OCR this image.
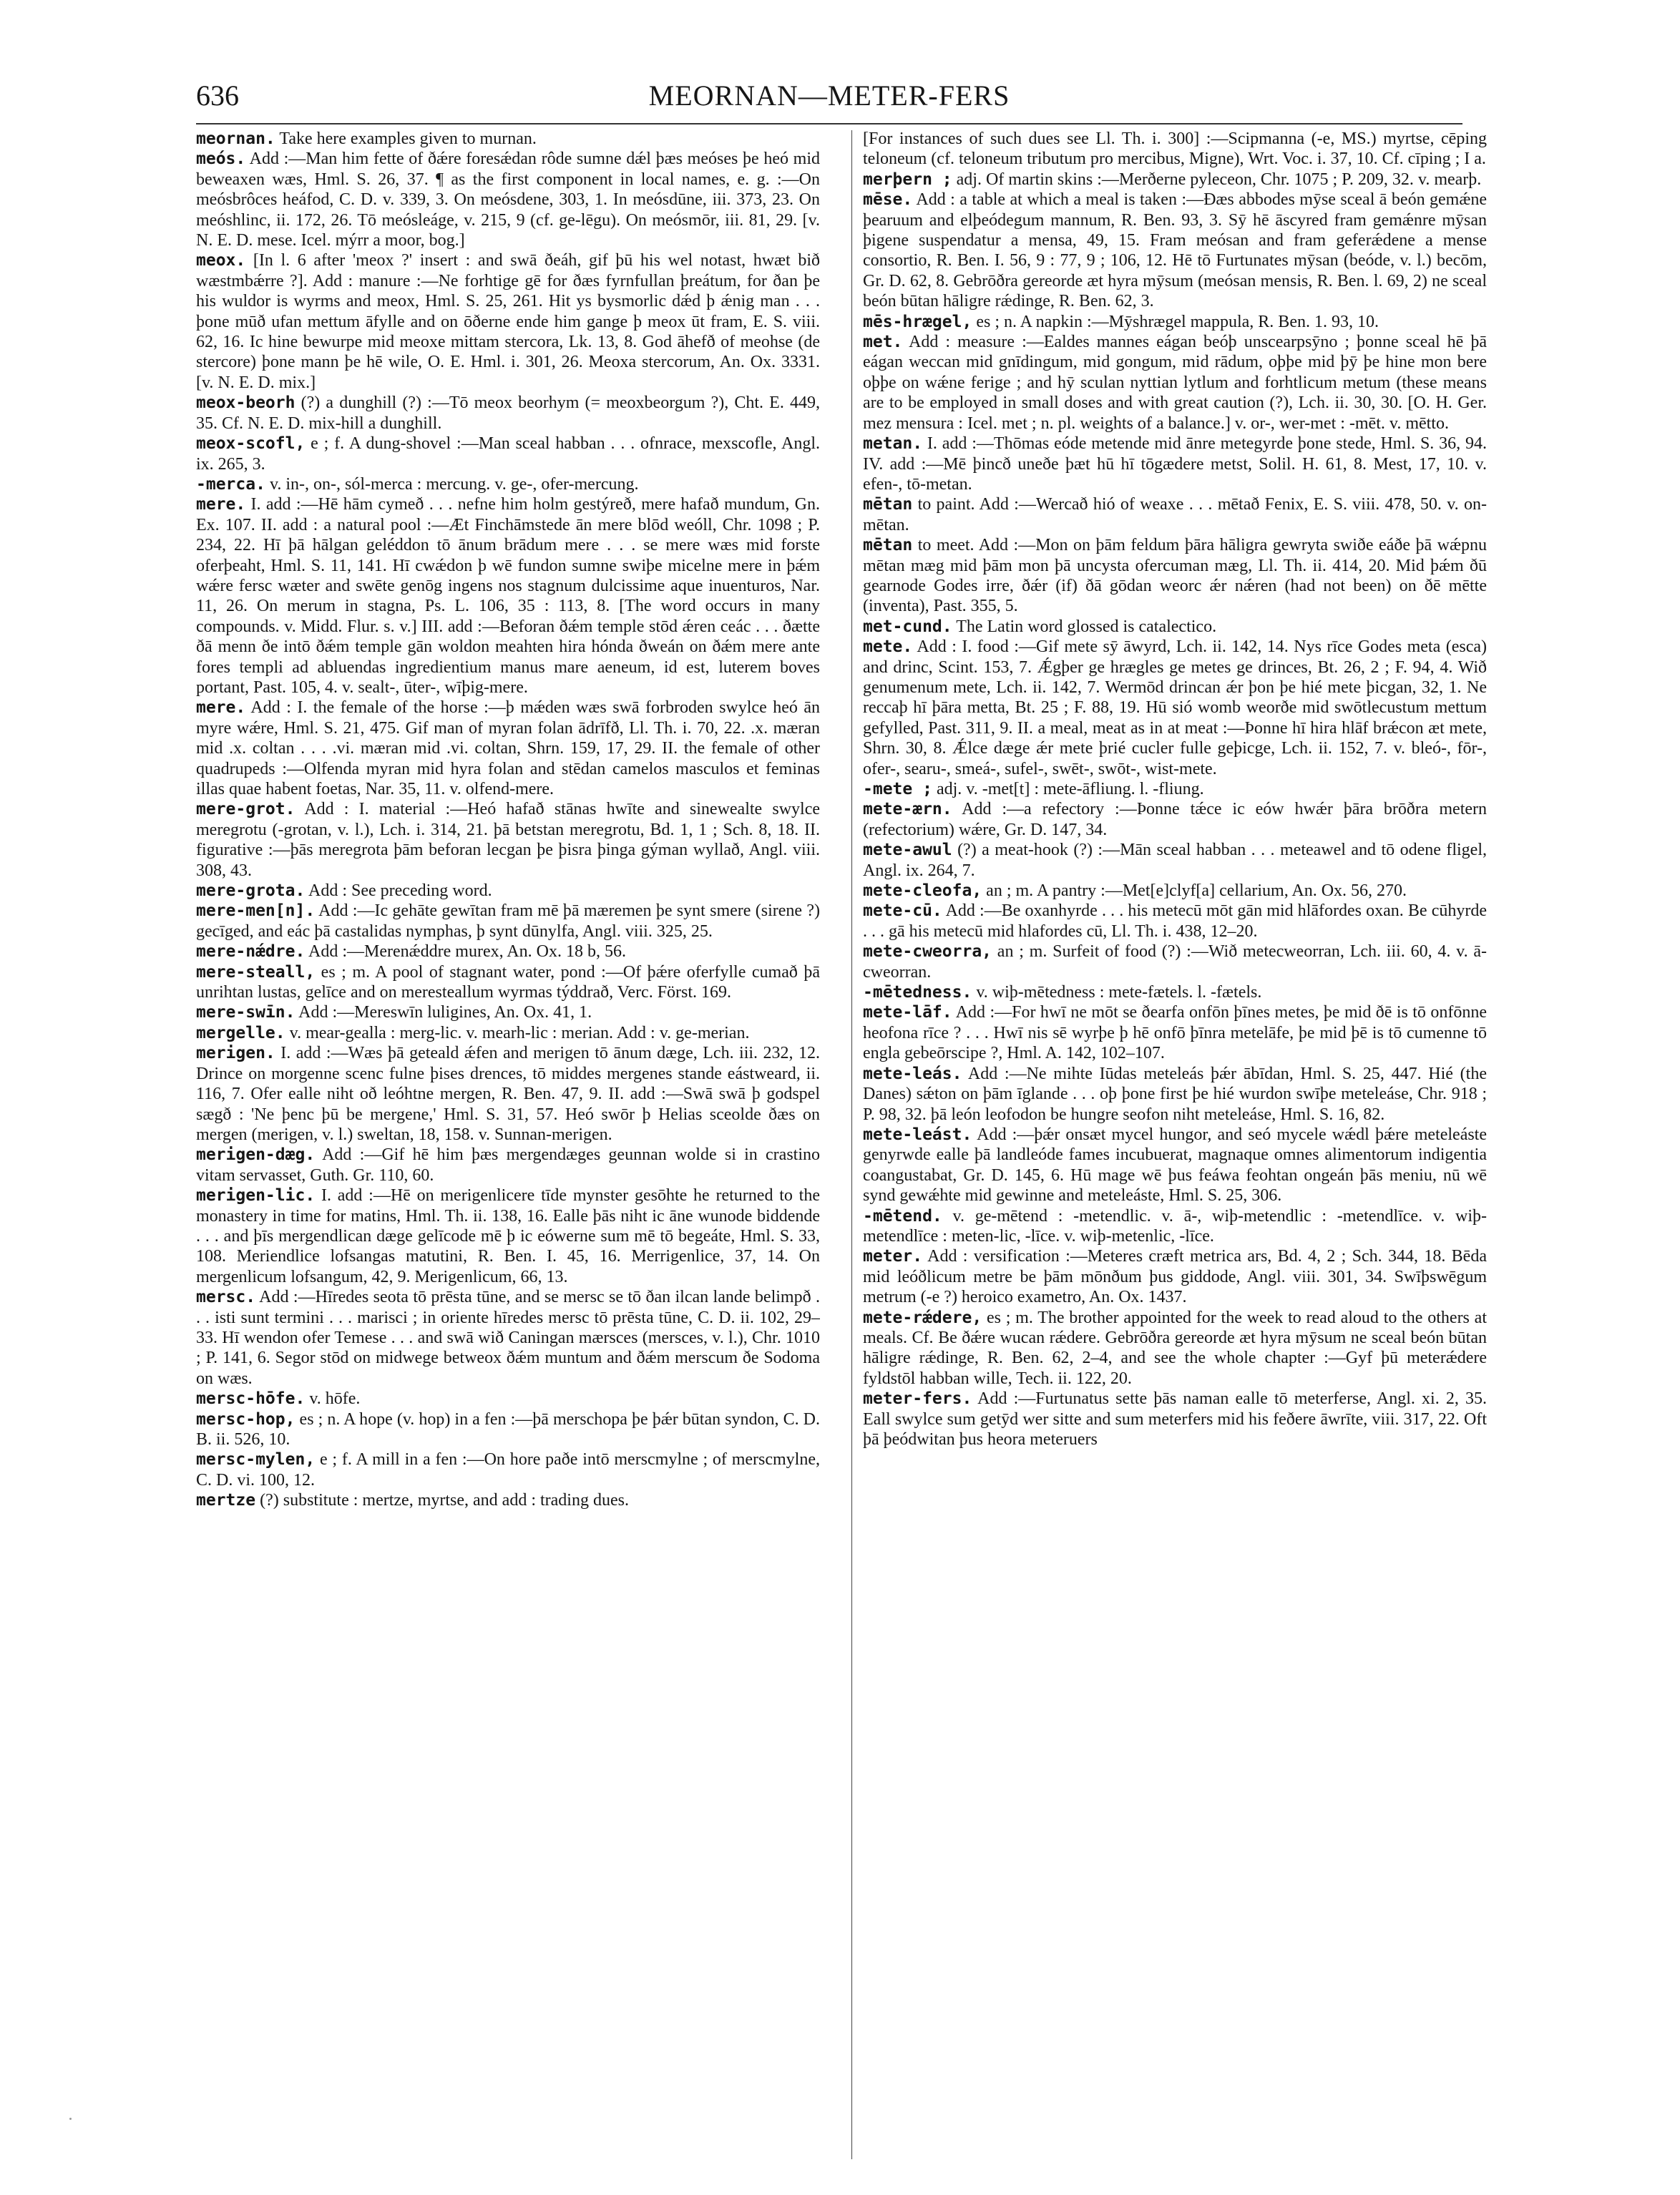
636	MEORNAN—METER-FERS

meornan. Take here examples given to murnan.

meós. Add :—Man him fette of ðǽre foresǽdan rôde sumne dǽl þæs meóses þe heó mid beweaxen wæs, Hml. S. 26, 37. ¶ as the first component in local names, e. g. :—On meósbrôces heáfod, C. D. v. 339, 3. On meósdene, 303, 1. In meósdūne, iii. 373, 23. On meóshlinc, ii. 172, 26. Tō meósleáge, v. 215, 9 (cf. ge-lēgu). On meósmōr, iii. 81, 29. [v. N. E. D. mese. Icel. mýrr a moor, bog.]

meox. [In l. 6 after 'meox ?' insert : and swā ðeáh, gif þū his wel notast, hwæt bið wæstmbǽrre ?]. Add : manure :—Ne forhtige gē for ðæs fyrnfullan þreátum, for ðan þe his wuldor is wyrms and meox, Hml. S. 25, 261. Hit ys bysmorlic dǽd þ ǽnig man . . . þone mūð ufan mettum āfylle and on ōðerne ende him gange þ meox ūt fram, E. S. viii. 62, 16. Ic hine bewurpe mid meoxe mittam stercora, Lk. 13, 8. God āhefð of meohse (de stercore) þone mann þe hē wile, O. E. Hml. i. 301, 26. Meoxa stercorum, An. Ox. 3331. [v. N. E. D. mix.]

meox-beorh (?) a dunghill (?) :—Tō meox beorhym (= meoxbeorgum ?), Cht. E. 449, 35. Cf. N. E. D. mix-hill a dunghill.

meox-scofl, e ; f. A dung-shovel :—Man sceal habban . . . ofnrace, mexscofle, Angl. ix. 265, 3.

-merca. v. in-, on-, sól-merca : mercung. v. ge-, ofer-mercung.

mere. I. add :—Hē hām cymeð . . . nefne him holm gestýreð, mere hafað mundum, Gn. Ex. 107. II. add : a natural pool :—Æt Finchāmstede ān mere blōd weóll, Chr. 1098 ; P. 234, 22. Hī þā hālgan geléddon tō ānum brādum mere . . . se mere wæs mid forste oferþeaht, Hml. S. 11, 141. Hī cwǽdon þ wē fundon sumne swiþe micelne mere in þǽm wǽre fersc wæter and swēte genōg ingens nos stagnum dulcissime aque inuenturos, Nar. 11, 26. On merum in stagna, Ps. L. 106, 35 : 113, 8. [The word occurs in many compounds. v. Midd. Flur. s. v.] III. add :—Beforan ðǽm temple stōd ǽren ceác . . . ðætte ðā menn ðe intō ðǽm temple gān woldon meahten hira hónda ðweán on ðǽm mere ante fores templi ad abluendas ingredientium manus mare aeneum, id est, luterem boves portant, Past. 105, 4. v. sealt-, ūter-, wīþig-mere.

mere. Add : I. the female of the horse :—þ mǽden wæs swā forbroden swylce heó ān myre wǽre, Hml. S. 21, 475. Gif man of myran folan ādrīfð, Ll. Th. i. 70, 22. .x. mæran mid .x. coltan . . . .vi. mæran mid .vi. coltan, Shrn. 159, 17, 29. II. the female of other quadrupeds :—Olfenda myran mid hyra folan and stēdan camelos masculos et feminas illas quae habent foetas, Nar. 35, 11. v. olfend-mere.

mere-grot. Add : I. material :—Heó hafað stānas hwīte and sinewealte swylce meregrotu (-grotan, v. l.), Lch. i. 314, 21. þā betstan meregrotu, Bd. 1, 1 ; Sch. 8, 18. II. figurative :—þās meregrota þām beforan lecgan þe þisra þinga gýman wyllað, Angl. viii. 308, 43.

mere-grota. Add : See preceding word.

mere-men[n]. Add :—Ic gehāte gewītan fram mē þā mæremen þe synt smere (sirene ?) gecīged, and eác þā castalidas nymphas, þ synt dūnylfa, Angl. viii. 325, 25.

mere-nǽdre. Add :—Merenǽddre murex, An. Ox. 18 b, 56.

mere-steall, es ; m. A pool of stagnant water, pond :—Of þǽre oferfylle cumað þā unrihtan lustas, gelīce and on meresteallum wyrmas týddrað, Verc. Först. 169.

mere-swīn. Add :—Mereswīn luligines, An. Ox. 41, 1.

mergelle. v. mear-gealla : merg-lic. v. mearh-lic : merian. Add : v. ge-merian.

merigen. I. add :—Wæs þā geteald ǽfen and merigen tō ānum dæge, Lch. iii. 232, 12. Drince on morgenne scenc fulne þises drences, tō middes mergenes stande eástweard, ii. 116, 7. Ofer ealle niht oð leóhtne mergen, R. Ben. 47, 9. II. add :—Swā swā þ godspel sægð : 'Ne þenc þū be mergene,' Hml. S. 31, 57. Heó swōr þ Helias sceolde ðæs on mergen (merigen, v. l.) sweltan, 18, 158. v. Sunnan-merigen.

merigen-dæg. Add :—Gif hē him þæs mergendæges geunnan wolde si in crastino vitam servasset, Guth. Gr. 110, 60.

merigen-lic. I. add :—Hē on merigenlicere tīde mynster gesōhte he returned to the monastery in time for matins, Hml. Th. ii. 138, 16. Ealle þās niht ic āne wunode biddende . . . and þīs mergendlican dæge gelīcode mē þ ic eówerne sum mē tō begeáte, Hml. S. 33, 108. Meriendlice lofsangas matutini, R. Ben. I. 45, 16. Merrigenlice, 37, 14. On mergenlicum lofsangum, 42, 9. Merigenlicum, 66, 13.

mersc. Add :—Hīredes seota tō prēsta tūne, and se mersc se tō ðan ilcan lande belimpð . . . isti sunt termini . . . marisci ; in oriente hīredes mersc tō prēsta tūne, C. D. ii. 102, 29–33. Hī wendon ofer Temese . . . and swā wið Caningan mærsces (mersces, v. l.), Chr. 1010 ; P. 141, 6. Segor stōd on midwege betweox ðǽm muntum and ðǽm merscum ðe Sodoma on wæs.

mersc-hōfe. v. hōfe.

mersc-hop, es ; n. A hope (v. hop) in a fen :—þā merschopa þe þǽr būtan syndon, C. D. B. ii. 526, 10.

mersc-mylen, e ; f. A mill in a fen :—On hore paðe intō merscmylne ; of merscmylne, C. D. vi. 100, 12.

mertze (?) substitute : mertze, myrtse, and add : trading dues.

[For instances of such dues see Ll. Th. i. 300] :—Scipmanna (-e, MS.) myrtse, cēping teloneum (cf. teloneum tributum pro mercibus, Migne), Wrt. Voc. i. 37, 10. Cf. cīping ; I a.

merþern ; adj. Of martin skins :—Merðerne pyleceon, Chr. 1075 ; P. 209, 32. v. mearþ.

mēse. Add : a table at which a meal is taken :—Ðæs abbodes mȳse sceal ā beón gemǽne þearuum and elþeódegum mannum, R. Ben. 93, 3. Sȳ hē āscyred fram gemǽnre mȳsan þigene suspendatur a mensa, 49, 15. Fram meósan and fram geferǽdene a mense consortio, R. Ben. I. 56, 9 : 77, 9 ; 106, 12. Hē tō Furtunates mȳsan (beóde, v. l.) becōm, Gr. D. 62, 8. Gebrōðra gereorde æt hyra mȳsum (meósan mensis, R. Ben. l. 69, 2) ne sceal beón būtan hāligre rǽdinge, R. Ben. 62, 3.

mēs-hrægel, es ; n. A napkin :—Mȳshrægel mappula, R. Ben. 1. 93, 10.

met. Add : measure :—Ealdes mannes eágan beóþ unscearpsȳno ; þonne sceal hē þā eágan weccan mid gnīdingum, mid gongum, mid rādum, oþþe mid þȳ þe hine mon bere oþþe on wǽne ferige ; and hȳ sculan nyttian lytlum and forhtlicum metum (these means are to be employed in small doses and with great caution (?), Lch. ii. 30, 30. [O. H. Ger. mez mensura : Icel. met ; n. pl. weights of a balance.] v. or-, wer-met : -mēt. v. mētto.

metan. I. add :—Thōmas eóde metende mid ānre metegyrde þone stede, Hml. S. 36, 94. IV. add :—Mē þincð uneðe þæt hū hī tōgædere metst, Solil. H. 61, 8. Mest, 17, 10. v. efen-, tō-metan.

mētan to paint. Add :—Wercað hió of weaxe . . . mētað Fenix, E. S. viii. 478, 50. v. on-mētan.

mētan to meet. Add :—Mon on þām feldum þāra hāligra gewryta swiðe eáðe þā wǽpnu mētan mæg mid þām mon þā uncysta ofercuman mæg, Ll. Th. ii. 414, 20. Mid þǽm ðū gearnode Godes irre, ðǽr (if) ðā gōdan weorc ǽr nǽren (had not been) on ðē mētte (inventa), Past. 355, 5.

met-cund. The Latin word glossed is catalectico.

mete. Add : I. food :—Gif mete sȳ āwyrd, Lch. ii. 142, 14. Nys rīce Godes meta (esca) and drinc, Scint. 153, 7. Ǽgþer ge hrægles ge metes ge drinces, Bt. 26, 2 ; F. 94, 4. Wið genumenum mete, Lch. ii. 142, 7. Wermōd drincan ǽr þon þe hié mete þicgan, 32, 1. Ne reccaþ hī þāra metta, Bt. 25 ; F. 88, 19. Hū sió womb weorðe mid swōtlecustum mettum gefylled, Past. 311, 9. II. a meal, meat as in at meat :—Þonne hī hira hlāf brǽcon æt mete, Shrn. 30, 8. Ǽlce dæge ǽr mete þrié cucler fulle geþicge, Lch. ii. 152, 7. v. bleó-, fōr-, ofer-, searu-, smeá-, sufel-, swēt-, swōt-, wist-mete.

-mete ; adj. v. -met[t] : mete-āfliung. l. -fliung.

mete-ærn. Add :—a refectory :—Þonne tǽce ic eów hwǽr þāra brōðra metern (refectorium) wǽre, Gr. D. 147, 34.

mete-awul (?) a meat-hook (?) :—Mān sceal habban . . . meteawel and tō odene fligel, Angl. ix. 264, 7.

mete-cleofa, an ; m. A pantry :—Met[e]clyf[a] cellarium, An. Ox. 56, 270.

mete-cū. Add :—Be oxanhyrde . . . his metecū mōt gān mid hlāfordes oxan. Be cūhyrde . . . gā his metecū mid hlafordes cū, Ll. Th. i. 438, 12–20.

mete-cweorra, an ; m. Surfeit of food (?) :—Wið metecweorran, Lch. iii. 60, 4. v. ā-cweorran.

-mētedness. v. wiþ-mētedness : mete-fætels. l. -fætels.

mete-lāf. Add :—For hwī ne mōt se ðearfa onfōn þīnes metes, þe mid ðē is tō onfōnne heofona rīce ? . . . Hwī nis sē wyrþe þ hē onfō þīnra metelāfe, þe mid þē is tō cumenne tō engla gebeōrscipe ?, Hml. A. 142, 102–107.

mete-leás. Add :—Ne mihte Iūdas meteleás þǽr ābīdan, Hml. S. 25, 447. Hié (the Danes) sǽton on þām īglande . . . oþ þone first þe hié wurdon swīþe meteleáse, Chr. 918 ; P. 98, 32. þā león leofodon be hungre seofon niht meteleáse, Hml. S. 16, 82.

mete-leást. Add :—þǽr onsæt mycel hungor, and seó mycele wǽdl þǽre meteleáste genyrwde ealle þā landleóde fames incubuerat, magnaque omnes alimentorum indigentia coangustabat, Gr. D. 145, 6. Hū mage wē þus feáwa feohtan ongeán þās meniu, nū wē synd gewǽhte mid gewinne and meteleáste, Hml. S. 25, 306.

-mētend. v. ge-mētend : -metendlic. v. ā-, wiþ-metendlic : -metendlīce. v. wiþ-metendlīce : meten-lic, -līce. v. wiþ-metenlic, -līce.

meter. Add : versification :—Meteres cræft metrica ars, Bd. 4, 2 ; Sch. 344, 18. Bēda mid leóðlicum metre be þām mōnðum þus giddode, Angl. viii. 301, 34. Swīþswēgum metrum (-e ?) heroico exametro, An. Ox. 1437.

mete-rǽdere, es ; m. The brother appointed for the week to read aloud to the others at meals. Cf. Be ðǽre wucan rǽdere. Gebrōðra gereorde æt hyra mȳsum ne sceal beón būtan hāligre rǽdinge, R. Ben. 62, 2–4, and see the whole chapter :—Gyf þū meterǽdere fyldstōl habban wille, Tech. ii. 122, 20.

meter-fers. Add :—Furtunatus sette þās naman ealle tō meterferse, Angl. xi. 2, 35. Eall swylce sum getȳd wer sitte and sum meterfers mid his feðere āwrīte, viii. 317, 22. Oft þā þeódwitan þus heora meteruers
